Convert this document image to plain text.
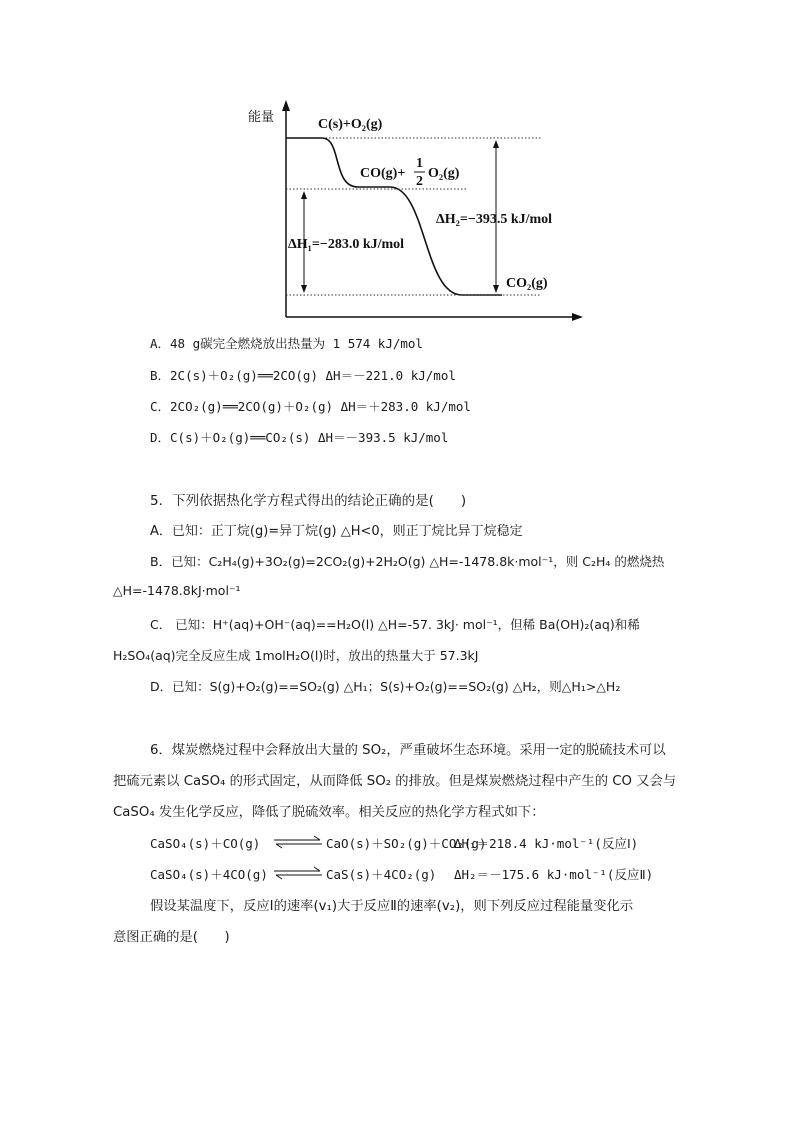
能量	C(s)+O₂(g)
CO(g)+
1
2
O₂(g)
CO₂(g)
ΔH₁=−283.0 kJ/mol
ΔH₂=−393.5 kJ/mol
A．48 g碳完全燃烧放出热量为 1 574 kJ/mol
B．2C(s)＋O₂(g)══2CO(g) ΔH＝－221.0 kJ/mol
C．2CO₂(g)══2CO(g)＋O₂(g) ΔH＝＋283.0 kJ/mol
D．C(s)＋O₂(g)══CO₂(s) ΔH＝－393.5 kJ/mol
5．下列依据热化学方程式得出的结论正确的是(　　)
A．已知：正丁烷(g)=异丁烷(g) △H<0，则正丁烷比异丁烷稳定
B．已知：C₂H₄(g)+3O₂(g)=2CO₂(g)+2H₂O(g) △H=-1478.8k·mol⁻¹，则 C₂H₄ 的燃烧热
△H=-1478.8kJ·mol⁻¹
C． 已知：H⁺(aq)+OH⁻(aq)==H₂O(l) △H=-57. 3kJ· mol⁻¹，但稀 Ba(OH)₂(aq)和稀
H₂SO₄(aq)完全反应生成 1molH₂O(l)时，放出的热量大于 57.3kJ
D．已知：S(g)+O₂(g)==SO₂(g) △H₁；S(s)+O₂(g)==SO₂(g) △H₂，则△H₁>△H₂
6．煤炭燃烧过程中会释放出大量的 SO₂，严重破坏生态环境。采用一定的脱硫技术可以
把硫元素以 CaSO₄ 的形式固定，从而降低 SO₂ 的排放。但是煤炭燃烧过程中产生的 CO 又会与
CaSO₄ 发生化学反应，降低了脱硫效率。相关反应的热化学方程式如下：
CaSO₄(s)＋CO(g)	CaO(s)＋SO₂(g)＋CO₂(g)
ΔH₁＝218.4 kJ·mol⁻¹(反应Ⅰ)
CaSO₄(s)＋4CO(g)	CaS(s)＋4CO₂(g) ΔH₂＝－175.6 kJ·mol⁻¹(反应Ⅱ)
假设某温度下，反应Ⅰ的速率(v₁)大于反应Ⅱ的速率(v₂)，则下列反应过程能量变化示
意图正确的是(　　)
